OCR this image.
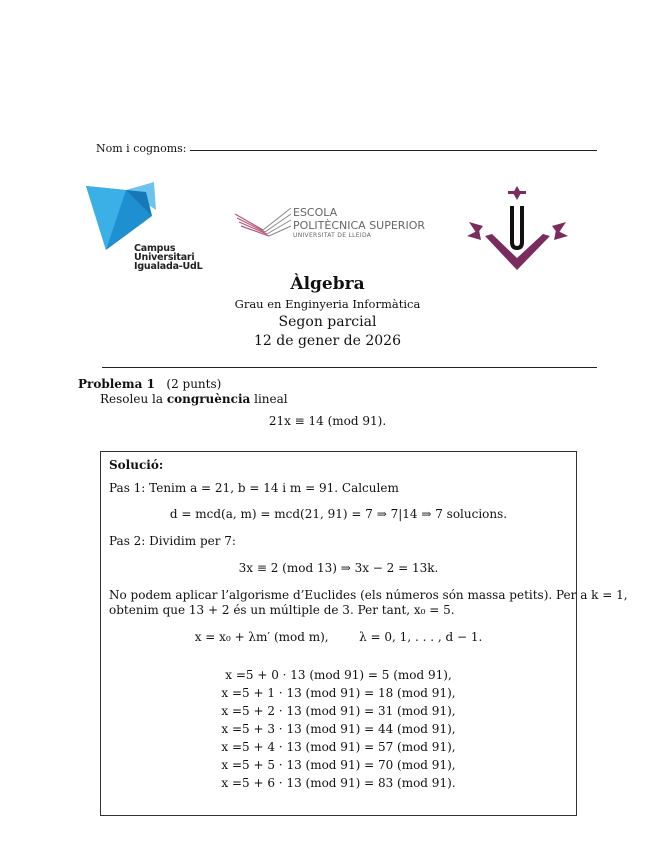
Nom i cognoms:
Campus
Universitari
Igualada-UdL
ESCOLA
POLITÈCNICA SUPERIOR
UNIVERSITAT DE LLEIDA
Àlgebra
Grau en Enginyeria Informàtica
Segon parcial
12 de gener de 2026
Problema 1 (2 punts)
Resoleu la congruència lineal
21x ≡ 14 (mod 91).
Solució:
Pas 1: Tenim a = 21, b = 14 i m = 91. Calculem
d = mcd(a, m) = mcd(21, 91) = 7 ⇒ 7|14 ⇒ 7 solucions.
Pas 2: Dividim per 7:
3x ≡ 2 (mod 13) ⇒ 3x − 2 = 13k.
No podem aplicar l’algorisme d’Euclides (els números són massa petits). Per a k = 1,
obtenim que 13 + 2 és un múltiple de 3. Per tant, x₀ = 5.
x = x₀ + λm′ (mod m),        λ = 0, 1, . . . , d − 1.
x =5 + 0 · 13 (mod 91) = 5 (mod 91),
x =5 + 1 · 13 (mod 91) = 18 (mod 91),
x =5 + 2 · 13 (mod 91) = 31 (mod 91),
x =5 + 3 · 13 (mod 91) = 44 (mod 91),
x =5 + 4 · 13 (mod 91) = 57 (mod 91),
x =5 + 5 · 13 (mod 91) = 70 (mod 91),
x =5 + 6 · 13 (mod 91) = 83 (mod 91).
